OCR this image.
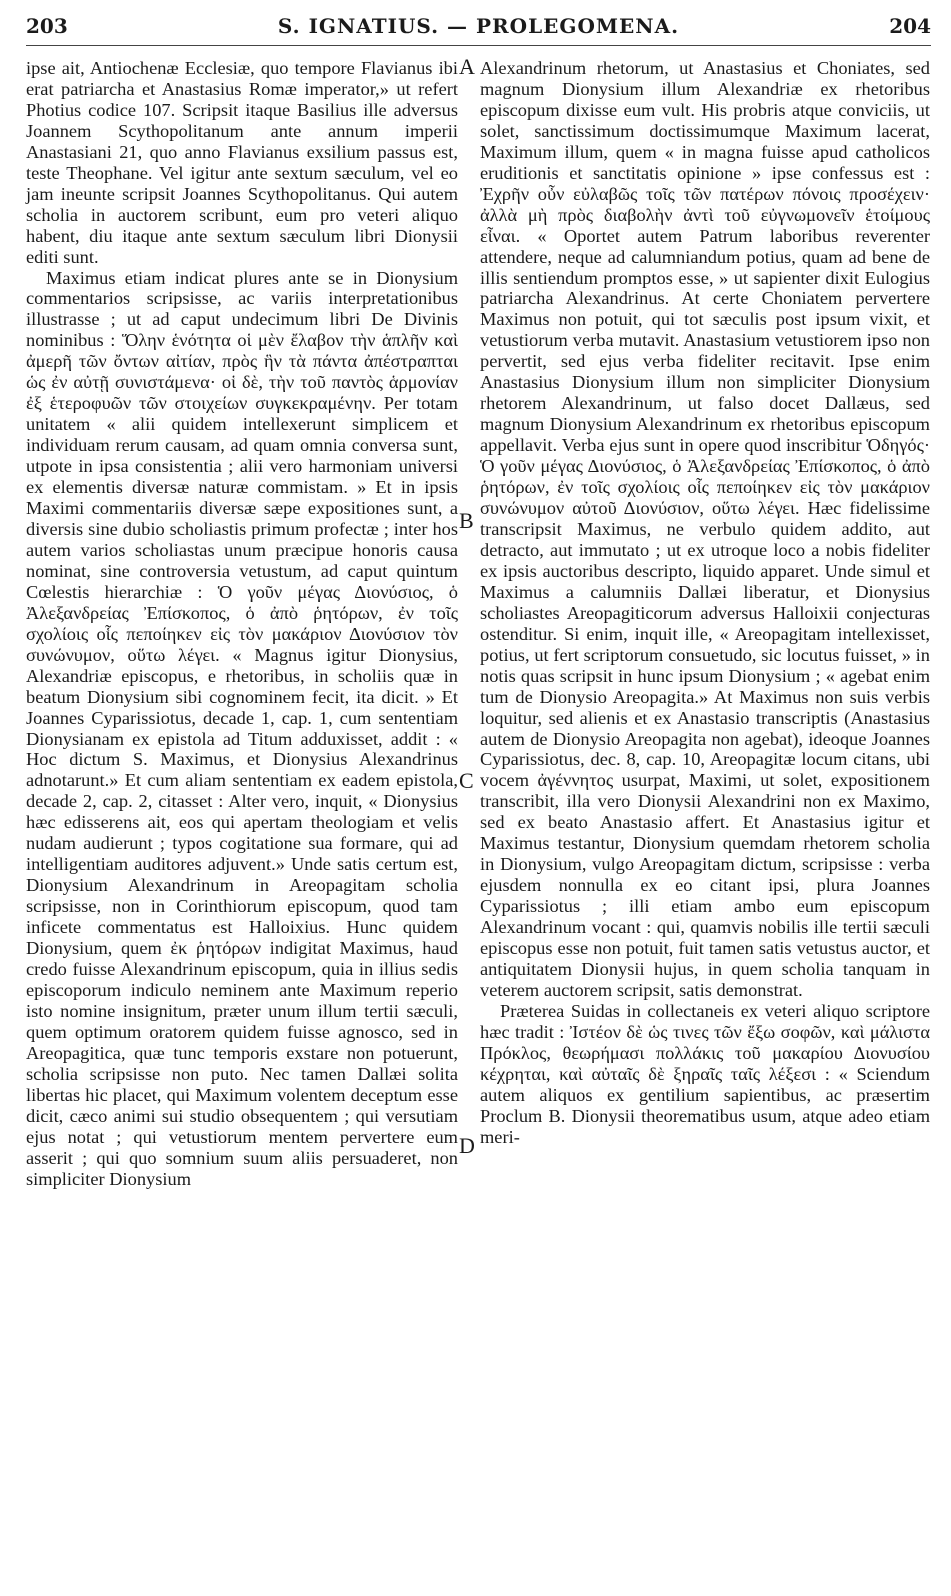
203	S. IGNATIUS. — PROLEGOMENA.	204

ipse ait, Antiochenæ Ecclesiæ, quo tempore Flavianus ibi erat patriarcha et Anastasius Romæ imperator,» ut refert Photius codice 107. Scripsit itaque Basilius ille adversus Joannem Scythopolitanum ante annum imperii Anastasiani 21, quo anno Flavianus exsilium passus est, teste Theophane. Vel igitur ante sextum sæculum, vel eo jam ineunte scripsit Joannes Scythopolitanus. Qui autem scholia in auctorem scribunt, eum pro veteri aliquo habent, diu itaque ante sextum sæculum libri Dionysii editi sunt.

Maximus etiam indicat plures ante se in Dionysium commentarios scripsisse, ac variis interpretationibus illustrasse ; ut ad caput undecimum libri De Divinis nominibus : Ὅλην ἑνότητα οἱ μὲν ἔλαβον τὴν ἁπλῆν καὶ ἀμερῆ τῶν ὄντων αἰτίαν, πρὸς ἣν τὰ πάντα ἀπέστραπται ὡς ἐν αὐτῇ συνιστάμενα· οἱ δὲ, τὴν τοῦ παντὸς ἁρμονίαν ἐξ ἑτεροφυῶν τῶν στοιχείων συγκεκραμένην. Per totam unitatem « alii quidem intellexerunt simplicem et individuam rerum causam, ad quam omnia conversa sunt, utpote in ipsa consistentia ; alii vero harmoniam universi ex elementis diversæ naturæ commistam. » Et in ipsis Maximi commentariis diversæ sæpe expositiones sunt, a diversis sine dubio scholiastis primum profectæ ; inter hos autem varios scholiastas unum præcipue honoris causa nominat, sine controversia vetustum, ad caput quintum Cœlestis hierarchiæ : Ὁ γοῦν μέγας Διονύσιος, ὁ Ἀλεξανδρείας Ἐπίσκοπος, ὁ ἀπὸ ῥητόρων, ἐν τοῖς σχολίοις οἷς πεποίηκεν εἰς τὸν μακάριον Διονύσιον τὸν συνώνυμον, οὕτω λέγει. « Magnus igitur Dionysius, Alexandriæ episcopus, e rhetoribus, in scholiis quæ in beatum Dionysium sibi cognominem fecit, ita dicit. » Et Joannes Cyparissiotus, decade 1, cap. 1, cum sententiam Dionysianam ex epistola ad Titum adduxisset, addit : « Hoc dictum S. Maximus, et Dionysius Alexandrinus adnotarunt.» Et cum aliam sententiam ex eadem epistola, decade 2, cap. 2, citasset : Alter vero, inquit, « Dionysius hæc edisserens ait, eos qui apertam theologiam et velis nudam audierunt ; typos cogitatione sua formare, qui ad intelligentiam auditores adjuvent.» Unde satis certum est, Dionysium Alexandrinum in Areopagitam scholia scripsisse, non in Corinthiorum episcopum, quod tam inficete commentatus est Halloixius. Hunc quidem Dionysium, quem ἐκ ῥητόρων indigitat Maximus, haud credo fuisse Alexandrinum episcopum, quia in illius sedis episcoporum indiculo neminem ante Maximum reperio isto nomine insignitum, præter unum illum tertii sæculi, quem optimum oratorem quidem fuisse agnosco, sed in Areopagitica, quæ tunc temporis exstare non potuerunt, scholia scripsisse non puto. Nec tamen Dallæi solita libertas hic placet, qui Maximum volentem deceptum esse dicit, cæco animi sui studio obsequentem ; qui versutiam ejus notat ; qui vetustiorum mentem pervertere eum asserit ; qui quo somnium suum aliis persuaderet, non simpliciter Dionysium

A
B
C
D

Alexandrinum rhetorum, ut Anastasius et Choniates, sed magnum Dionysium illum Alexandriæ ex rhetoribus episcopum dixisse eum vult. His probris atque conviciis, ut solet, sanctissimum doctissimumque Maximum lacerat, Maximum illum, quem « in magna fuisse apud catholicos eruditionis et sanctitatis opinione » ipse confessus est : Ἐχρῆν οὖν εὐλαβῶς τοῖς τῶν πατέρων πόνοις προσέχειν· ἀλλὰ μὴ πρὸς διαβολὴν ἀντὶ τοῦ εὐγνωμονεῖν ἑτοίμους εἶναι. « Oportet autem Patrum laboribus reverenter attendere, neque ad calumniandum potius, quam ad bene de illis sentiendum promptos esse, » ut sapienter dixit Eulogius patriarcha Alexandrinus. At certe Choniatem pervertere Maximus non potuit, qui tot sæculis post ipsum vixit, et vetustiorum verba mutavit. Anastasium vetustiorem ipso non pervertit, sed ejus verba fideliter recitavit. Ipse enim Anastasius Dionysium illum non simpliciter Dionysium rhetorem Alexandrinum, ut falso docet Dallæus, sed magnum Dionysium Alexandrinum ex rhetoribus episcopum appellavit. Verba ejus sunt in opere quod inscribitur Ὁδηγός· Ὁ γοῦν μέγας Διονύσιος, ὁ Ἀλεξανδρείας Ἐπίσκοπος, ὁ ἀπὸ ῥητόρων, ἐν τοῖς σχολίοις οἷς πεποίηκεν εἰς τὸν μακάριον συνώνυμον αὐτοῦ Διονύσιον, οὕτω λέγει. Hæc fidelissime transcripsit Maximus, ne verbulo quidem addito, aut detracto, aut immutato ; ut ex utroque loco a nobis fideliter ex ipsis auctoribus descripto, liquido apparet. Unde simul et Maximus a calumniis Dallæi liberatur, et Dionysius scholiastes Areopagiticorum adversus Halloixii conjecturas ostenditur. Si enim, inquit ille, « Areopagitam intellexisset, potius, ut fert scriptorum consuetudo, sic locutus fuisset, » in notis quas scripsit in hunc ipsum Dionysium ; « agebat enim tum de Dionysio Areopagita.» At Maximus non suis verbis loquitur, sed alienis et ex Anastasio transcriptis (Anastasius autem de Dionysio Areopagita non agebat), ideoque Joannes Cyparissiotus, dec. 8, cap. 10, Areopagitæ locum citans, ubi vocem ἀγέννητος usurpat, Maximi, ut solet, expositionem transcribit, illa vero Dionysii Alexandrini non ex Maximo, sed ex beato Anastasio affert. Et Anastasius igitur et Maximus testantur, Dionysium quemdam rhetorem scholia in Dionysium, vulgo Areopagitam dictum, scripsisse : verba ejusdem nonnulla ex eo citant ipsi, plura Joannes Cyparissiotus ; illi etiam ambo eum episcopum Alexandrinum vocant : qui, quamvis nobilis ille tertii sæculi episcopus esse non potuit, fuit tamen satis vetustus auctor, et antiquitatem Dionysii hujus, in quem scholia tanquam in veterem auctorem scripsit, satis demonstrat.

Præterea Suidas in collectaneis ex veteri aliquo scriptore hæc tradit : Ἰστέον δὲ ὡς τινες τῶν ἔξω σοφῶν, καὶ μάλιστα Πρόκλος, θεωρήμασι πολλάκις τοῦ μακαρίου Διονυσίου κέχρηται, καὶ αὐταῖς δὲ ξηραῖς ταῖς λέξεσι : « Sciendum autem aliquos ex gentilium sapientibus, ac præsertim Proclum B. Dionysii theorematibus usum, atque adeo etiam meri-
